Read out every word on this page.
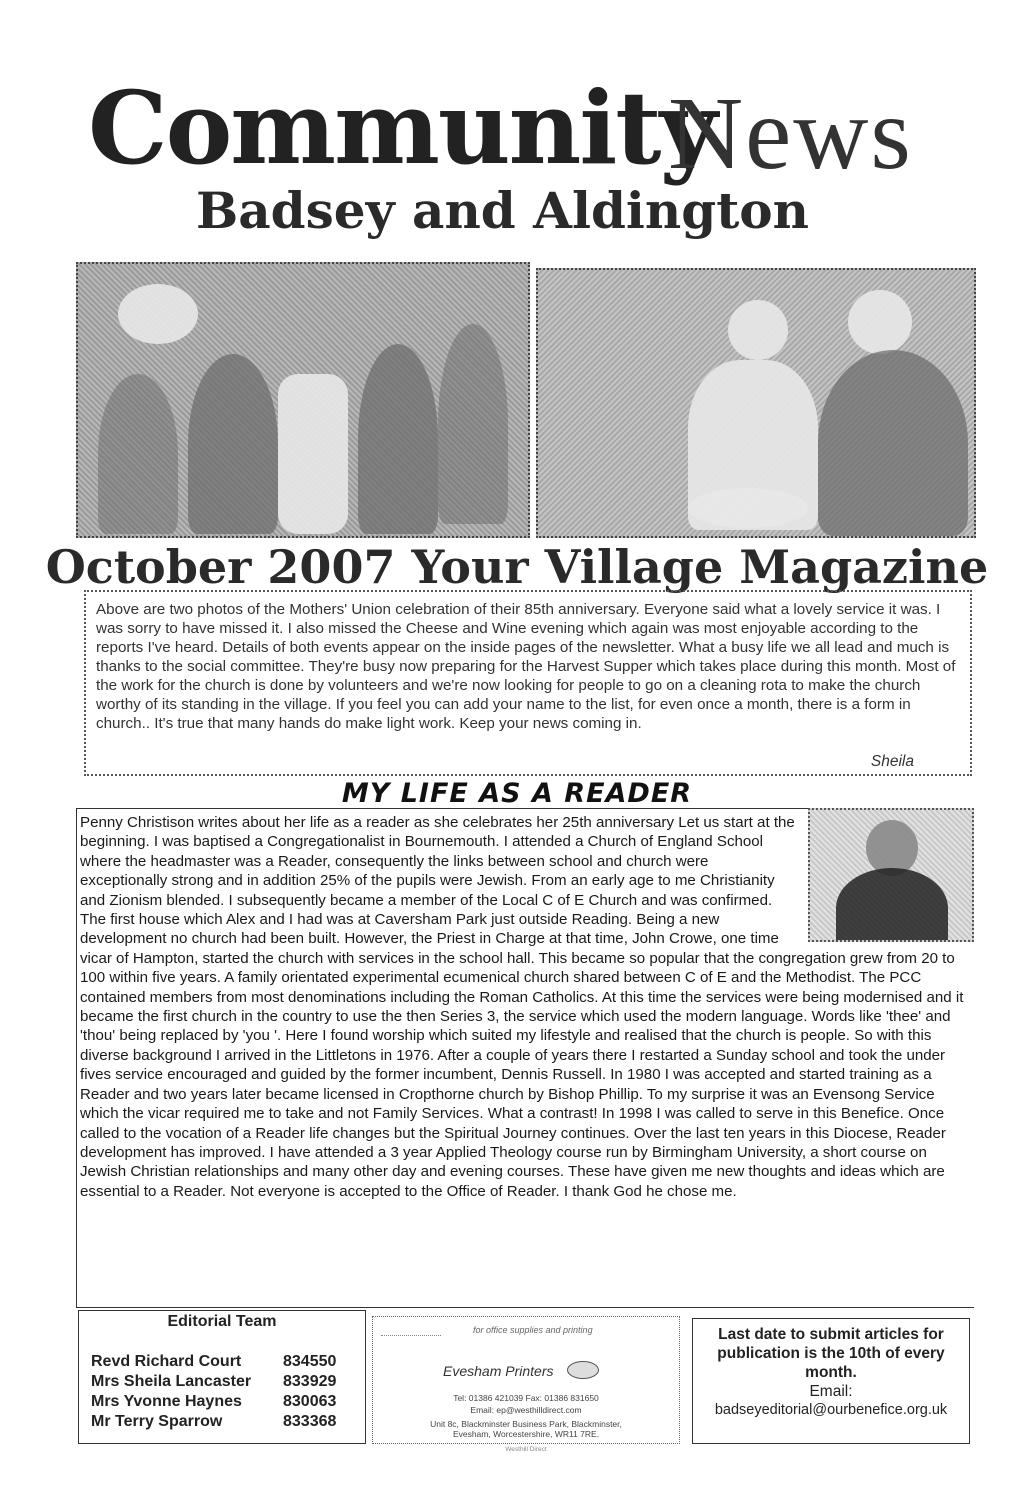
Community
News
Badsey and Aldington
October 2007 Your Village Magazine

Above are two photos of the Mothers' Union celebration of their 85th anniversary. Everyone said what a lovely service it was. I was sorry to have missed it. I also missed the Cheese and Wine evening which again was most enjoyable according to the reports I've heard. Details of both events appear on the inside pages of the newsletter. What a busy life we all lead and much is thanks to the social committee. They're busy now preparing for the Harvest Supper which takes place during this month. Most of the work for the church is done by volunteers and we're now looking for people to go on a cleaning rota to make the church worthy of its standing in the village. If you feel you can add your name to the list, for even once a month, there is a form in church.. It's true that many hands do make light work. Keep your news coming in.

Sheila
MY LIFE AS A READER
Penny Christison writes about her life as a reader as she celebrates her 25th anniversary Let us start at the beginning. I was baptised a Congregationalist in Bournemouth. I attended a Church of England School where the headmaster was a Reader, consequently the links between school and church were exceptionally strong and in addition 25% of the pupils were Jewish. From an early age to me Christianity and Zionism blended. I subsequently became a member of the Local C of E Church and was confirmed.
The first house which Alex and I had was at Caversham Park just outside Reading. Being a new development no church had been built. However, the Priest in Charge at that time, John Crowe, one time vicar of Hampton, started the church with services in the school hall. This became so popular that the congregation grew from 20 to 100 within five years. A family orientated experimental ecumenical church shared between C of E and the Methodist. The PCC contained members from most denominations including the Roman Catholics. At this time the services were being modernised and it became the first church in the country to use the then Series 3, the service which used the modern language. Words like 'thee' and 'thou' being replaced by 'you '. Here I found worship which suited my lifestyle and realised that the church is people. So with this diverse background I arrived in the Littletons in 1976. After a couple of years there I restarted a Sunday school and took the under fives service encouraged and guided by the former incumbent, Dennis Russell. In 1980 I was accepted and started training as a Reader and two years later became licensed in Cropthorne church by Bishop Phillip. To my surprise it was an Evensong Service which the vicar required me to take and not Family Services. What a contrast! In 1998 I was called to serve in this Benefice. Once called to the vocation of a Reader life changes but the Spiritual Journey continues. Over the last ten years in this Diocese, Reader development has improved. I have attended a 3 year Applied Theology course run by Birmingham University, a short course on Jewish Christian relationships and many other day and evening courses. These have given me new thoughts and ideas which are essential to a Reader. Not everyone is accepted to the Office of Reader. I thank God he chose me.
Editorial Team
Revd Richard Court	834550
Mrs Sheila Lancaster 833929
Mrs Yvonne Haynes	830063
Mr Terry Sparrow	833368
for office supplies and printing
Evesham Printers
Tel: 01386 421039 Fax: 01386 831650
Email: ep@westhilldirect.com
Unit 8c, Blackminster Business Park, Blackminster,
Evesham, Worcestershire, WR11 7RE.
Westhill Direct
Last date to submit articles for publication is the 10th of every month.
Email:
badseyeditorial@ourbenefice.org.uk
